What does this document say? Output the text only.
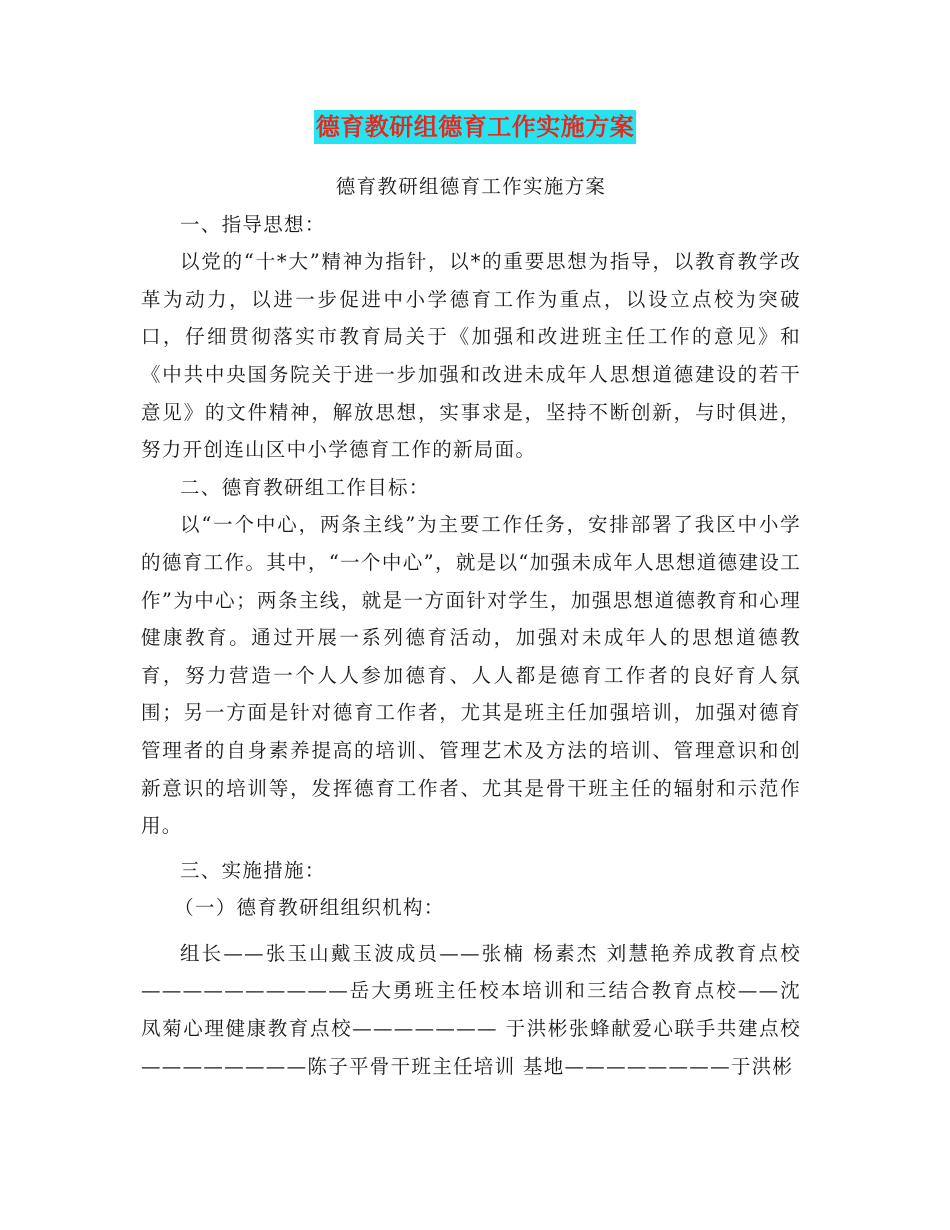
德育教研组德育工作实施方案

德育教研组德育工作实施方案

一、指导思想：

以党的“十*大”精神为指针，以*的重要思想为指导，以教育教学改革为动力，以进一步促进中小学德育工作为重点，以设立点校为突破口，仔细贯彻落实市教育局关于《加强和改进班主任工作的意见》和《中共中央国务院关于进一步加强和改进未成年人思想道德建设的若干意见》的文件精神，解放思想，实事求是，坚持不断创新，与时俱进，努力开创连山区中小学德育工作的新局面。

二、德育教研组工作目标：

以“一个中心，两条主线”为主要工作任务，安排部署了我区中小学的德育工作。其中，“一个中心”，就是以“加强未成年人思想道德建设工作”为中心；两条主线，就是一方面针对学生，加强思想道德教育和心理健康教育。通过开展一系列德育活动，加强对未成年人的思想道德教育，努力营造一个人人参加德育、人人都是德育工作者的良好育人氛围；另一方面是针对德育工作者，尤其是班主任加强培训，加强对德育管理者的自身素养提高的培训、管理艺术及方法的培训、管理意识和创新意识的培训等，发挥德育工作者、尤其是骨干班主任的辐射和示范作用。

三、实施措施：

（一）德育教研组组织机构：

组长——张玉山戴玉波成员——张楠 杨素杰 刘慧艳养成教育点校——————————岳大勇班主任校本培训和三结合教育点校——沈凤菊心理健康教育点校——————— 于洪彬张蜂献爱心联手共建点校————————陈子平骨干班主任培训 基地————————于洪彬
